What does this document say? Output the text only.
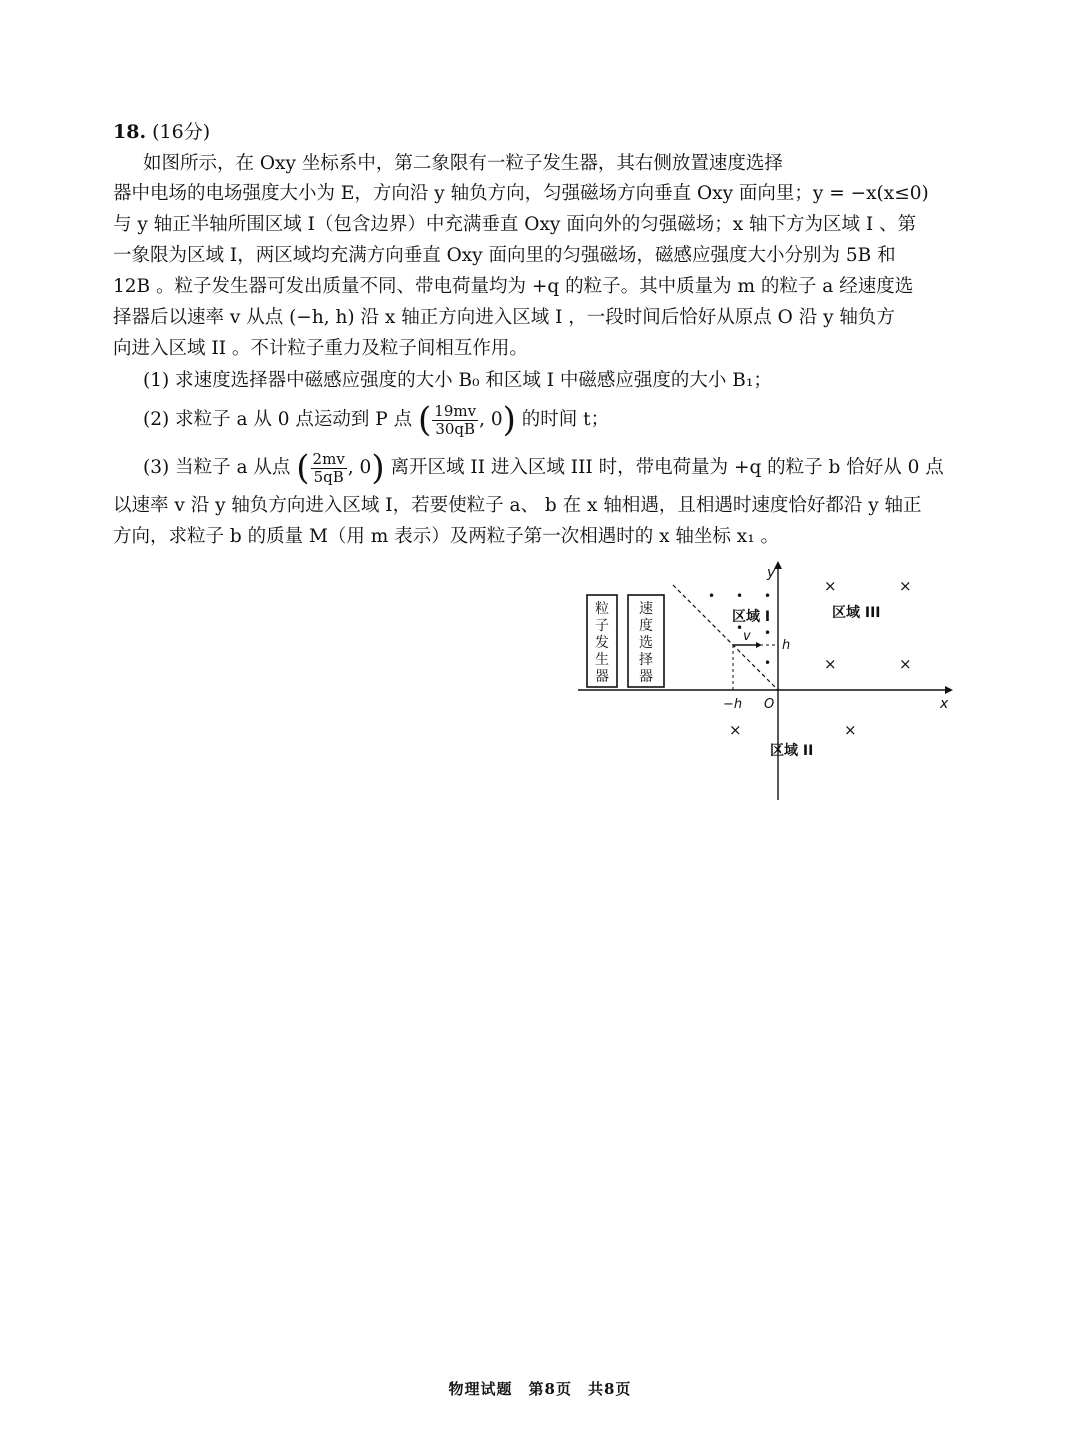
18. (16分)
如图所示，在 Oxy 坐标系中，第二象限有一粒子发生器，其右侧放置速度选择
器中电场的电场强度大小为 E，方向沿 y 轴负方向，匀强磁场方向垂直 Oxy 面向里；y = −x(x≤0)
与 y 轴正半轴所围区域 I（包含边界）中充满垂直 Oxy 面向外的匀强磁场；x 轴下方为区域 I 、第
一象限为区域 I，两区域均充满方向垂直 Oxy 面向里的匀强磁场，磁感应强度大小分别为 5B 和
12B 。粒子发生器可发出质量不同、带电荷量均为 +q 的粒子。其中质量为 m 的粒子 a 经速度选
择器后以速率 v 从点 (−h, h) 沿 x 轴正方向进入区域 I ，一段时间后恰好从原点 O 沿 y 轴负方
向进入区域 II 。不计粒子重力及粒子间相互作用。
(1) 求速度选择器中磁感应强度的大小 B₀ 和区域 I 中磁感应强度的大小 B₁；
(2) 求粒子 a 从 0 点运动到 P 点 ( $\frac{19mv}{30qB}$ , 0) 的时间 t；
(3) 当粒子 a 从点 ( $\frac{2mv}{5qB}$ , 0) 离开区域 II 进入区域 III 时，带电荷量为 +q 的粒子 b 恰好从 0 点
以速率 v 沿 y 轴负方向进入区域 I，若要使粒子 a、 b 在 x 轴相遇，且相遇时速度恰好都沿 y 轴正
方向，求粒子 b 的质量 M（用 m 表示）及两粒子第一次相遇时的 x 轴坐标 x₁ 。
粒子发生器
速度选择器
y
x
v
h
−h O
区域 I	区域 III
区域 II
• • •
•
•
•
×	×
×	×
×	×
物理试题　第8页　共8页
